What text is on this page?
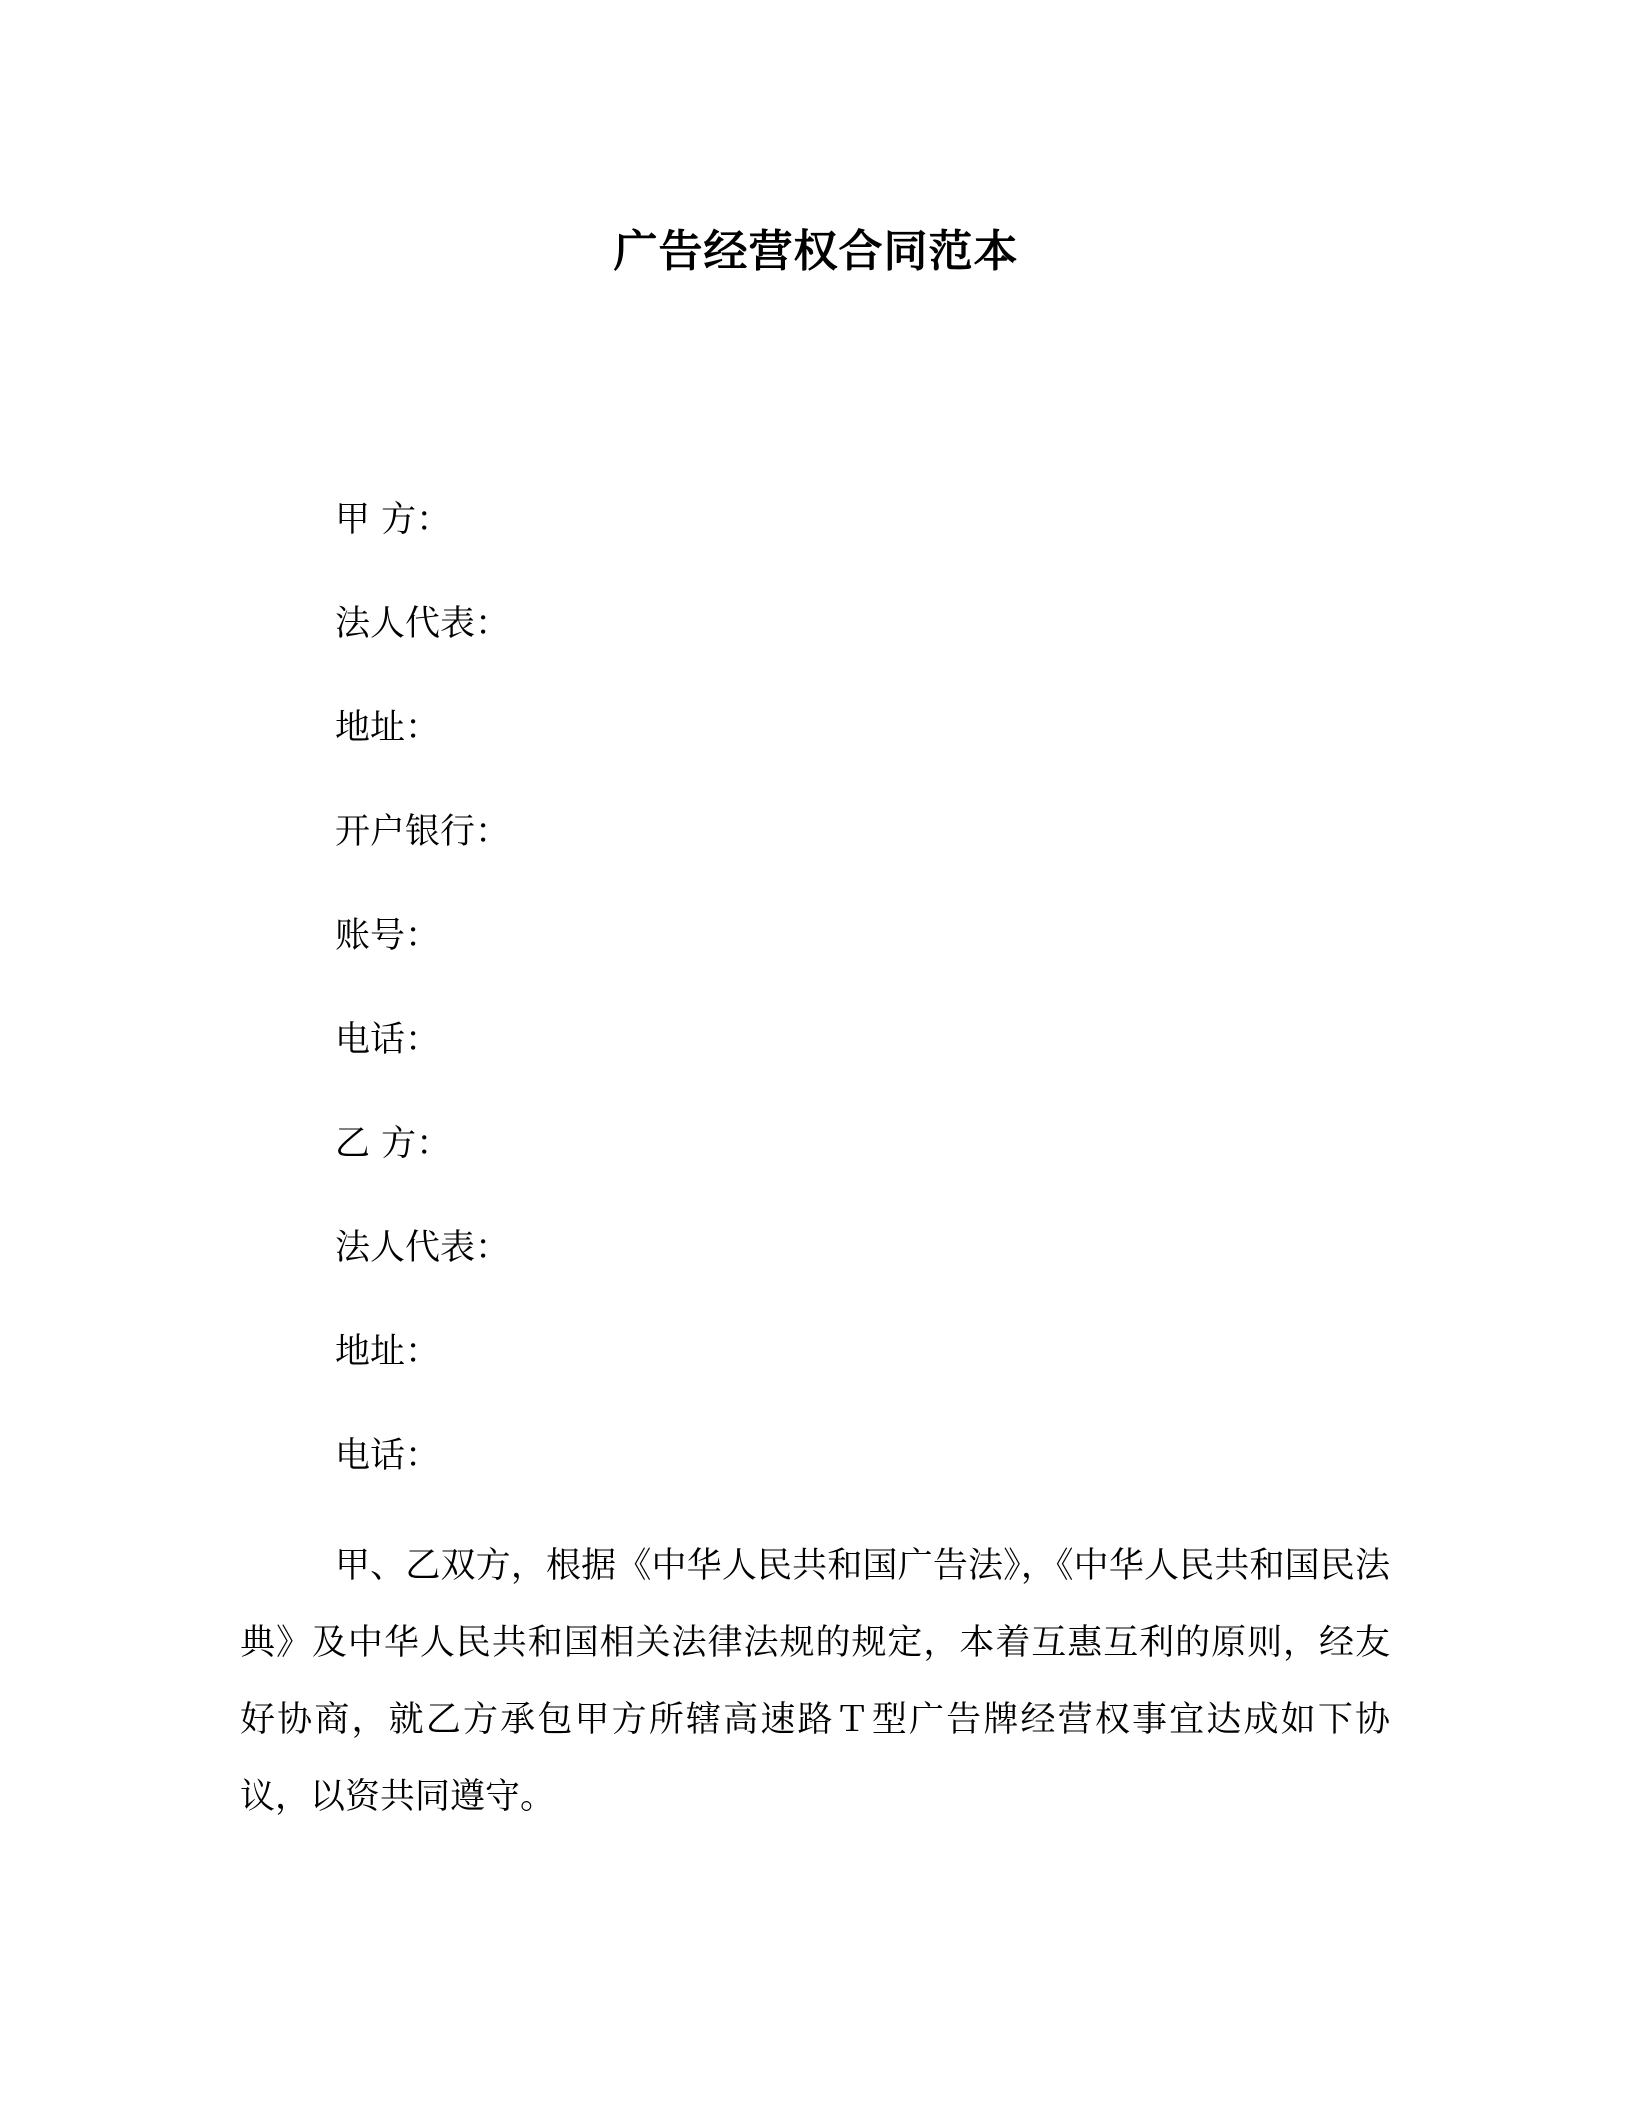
广告经营权合同范本
甲 方：
法人代表：
地址：
开户银行：
账号：
电话：
乙 方：
法人代表：
地址：
电话：

甲、乙双方，根据《中华人民共和国广告法》，《中华人民共和国民法典》及中华人民共和国相关法律法规的规定，本着互惠互利的原则，经友好协商，就乙方承包甲方所辖高速路Ｔ型广告牌经营权事宜达成如下协议，以资共同遵守。
